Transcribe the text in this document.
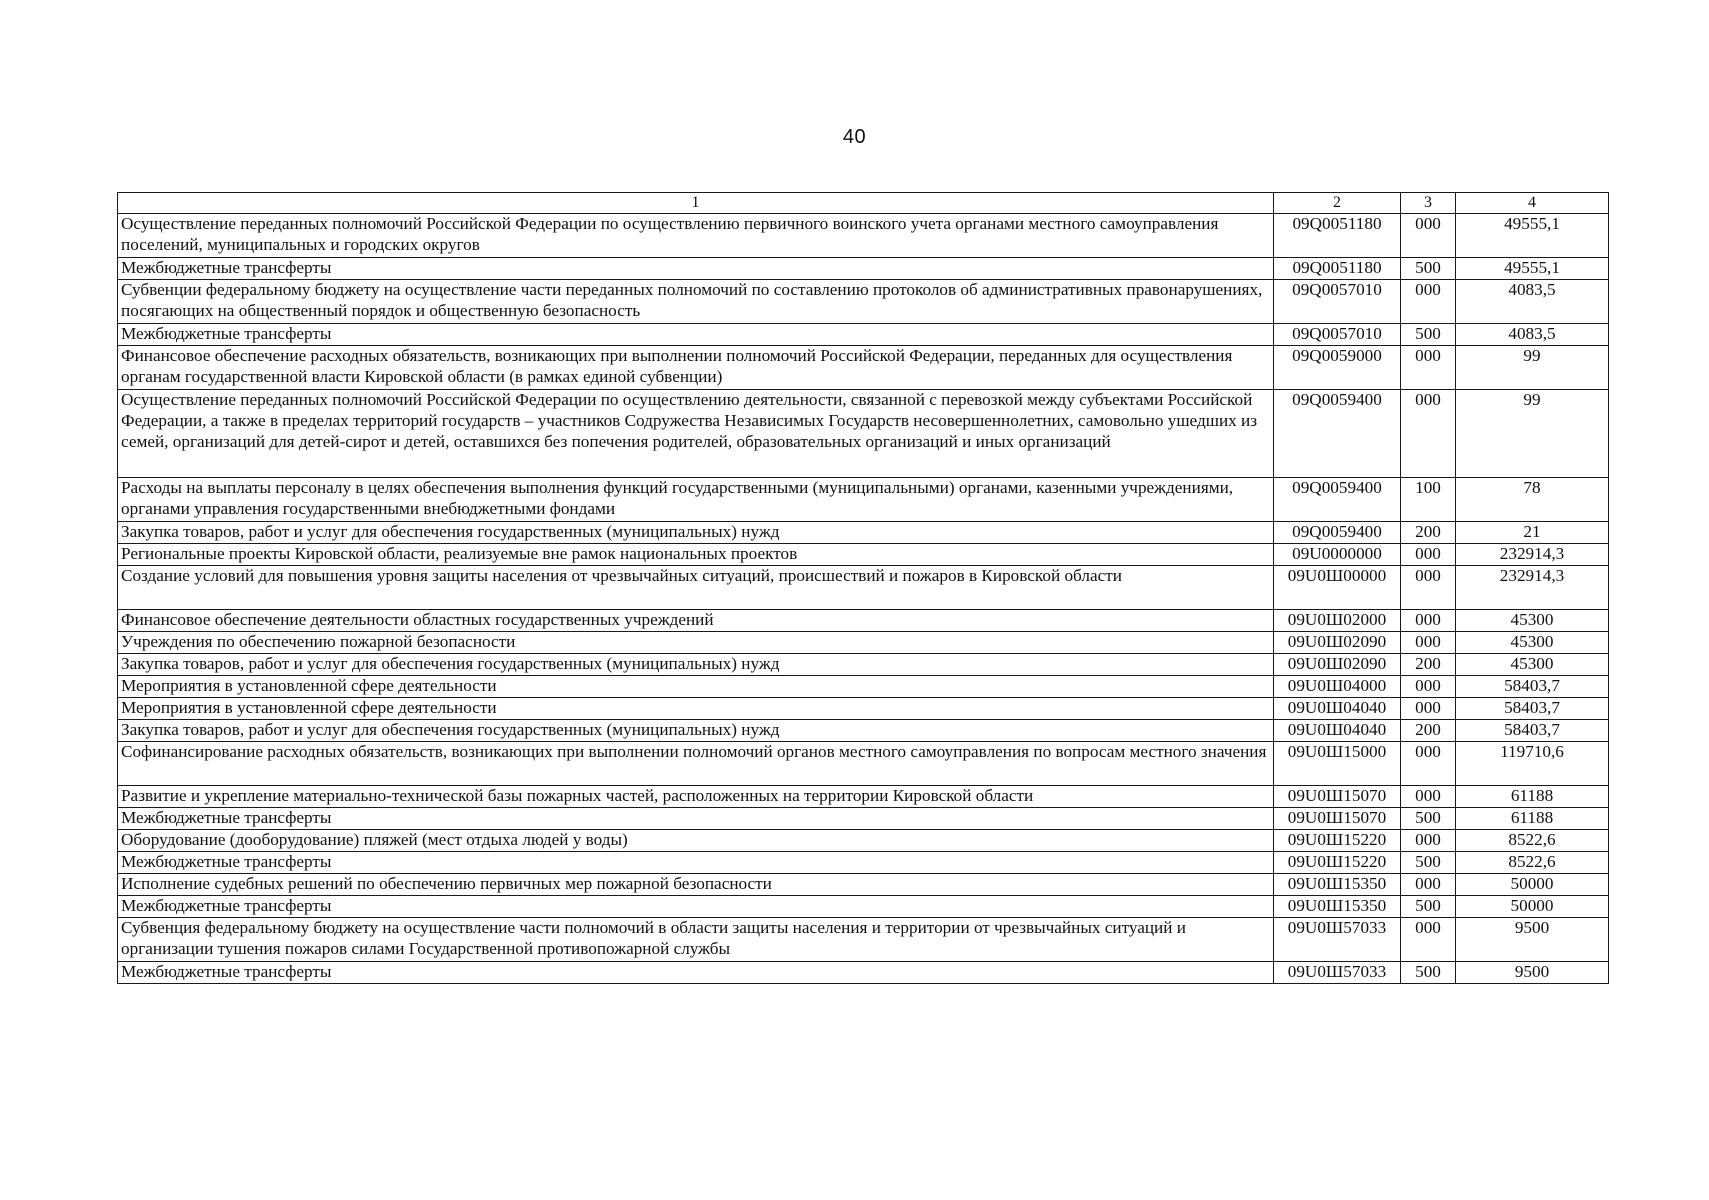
40
1	2	3	4
Осуществление переданных полномочий Российской Федерации по осуществлению первичного воинского учета органами местного самоуправления поселений, муниципальных и городских округов	09Q0051180	000	49555,1
Межбюджетные трансферты	09Q0051180	500	49555,1
Субвенции федеральному бюджету на осуществление части переданных полномочий по составлению протоколов об административных правонарушениях, посягающих на общественный порядок и общественную безопасность	09Q0057010	000	4083,5
Межбюджетные трансферты	09Q0057010	500	4083,5
Финансовое обеспечение расходных обязательств, возникающих при выполнении полномочий Российской Федерации, переданных для осуществления органам государственной власти Кировской области (в рамках единой субвенции)	09Q0059000	000	99
Осуществление переданных полномочий Российской Федерации по осуществлению деятельности, связанной с перевозкой между субъектами Российской Федерации, а также в пределах территорий государств – участников Содружества Независимых Государств несовершеннолетних, самовольно ушедших из семей, организаций для детей-сирот и детей, оставшихся без попечения родителей, образовательных организаций и иных организаций	09Q0059400	000	99
Расходы на выплаты персоналу в целях обеспечения выполнения функций государственными (муниципальными) органами, казенными учреждениями, органами управления государственными внебюджетными фондами	09Q0059400	100	78
Закупка товаров, работ и услуг для обеспечения государственных (муниципальных) нужд	09Q0059400	200	21
Региональные проекты Кировской области, реализуемые вне рамок национальных проектов	09U0000000	000	232914,3
Создание условий для повышения уровня защиты населения от чрезвычайных ситуаций, происшествий и пожаров в Кировской области	09U0Ш00000	000	232914,3
Финансовое обеспечение деятельности областных государственных учреждений	09U0Ш02000	000	45300
Учреждения по обеспечению пожарной безопасности	09U0Ш02090	000	45300
Закупка товаров, работ и услуг для обеспечения государственных (муниципальных) нужд	09U0Ш02090	200	45300
Мероприятия в установленной сфере деятельности	09U0Ш04000	000	58403,7
Мероприятия в установленной сфере деятельности	09U0Ш04040	000	58403,7
Закупка товаров, работ и услуг для обеспечения государственных (муниципальных) нужд	09U0Ш04040	200	58403,7
Софинансирование расходных обязательств, возникающих при выполнении полномочий органов местного самоуправления по вопросам местного значения	09U0Ш15000	000	119710,6
Развитие и укрепление материально-технической базы пожарных частей, расположенных на территории Кировской области	09U0Ш15070	000	61188
Межбюджетные трансферты	09U0Ш15070	500	61188
Оборудование (дооборудование) пляжей (мест отдыха людей у воды)	09U0Ш15220	000	8522,6
Межбюджетные трансферты	09U0Ш15220	500	8522,6
Исполнение судебных решений по обеспечению первичных мер пожарной безопасности	09U0Ш15350	000	50000
Межбюджетные трансферты	09U0Ш15350	500	50000
Субвенция федеральному бюджету на осуществление части полномочий в области защиты населения и территории от чрезвычайных ситуаций и организации тушения пожаров силами Государственной противопожарной службы	09U0Ш57033	000	9500
Межбюджетные трансферты	09U0Ш57033	500	9500
